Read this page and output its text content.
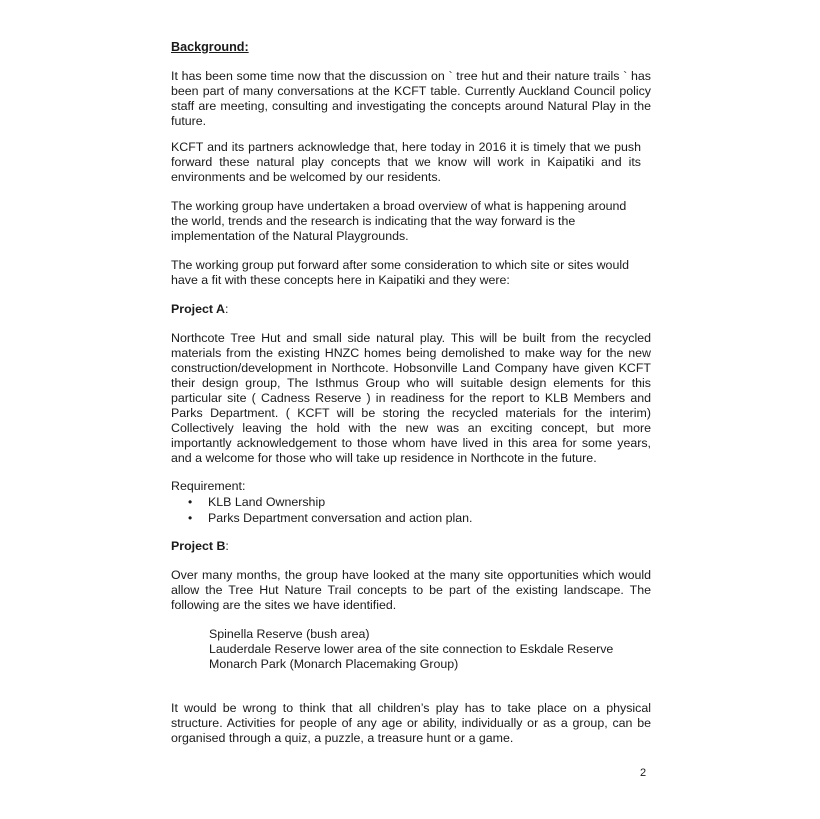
Background:

It has been some time now that the discussion on ` tree hut and their nature trails ` has been part of many conversations at the KCFT table. Currently Auckland Council policy staff are meeting, consulting and investigating the concepts around Natural Play in the future.

KCFT and its partners acknowledge that, here today in 2016 it is timely that we push forward these natural play concepts that we know will work in Kaipatiki and its environments and be welcomed by our residents.

The working group have undertaken a broad overview of what is happening around the world, trends and the research is indicating that the way forward is the implementation of the Natural Playgrounds.

The working group put forward after some consideration to which site or sites would have a fit with these concepts here in Kaipatiki and they were:

Project A:

Northcote Tree Hut and small side natural play. This will be built from the recycled materials from the existing HNZC homes being demolished to make way for the new construction/development in Northcote. Hobsonville Land Company have given KCFT their design group, The Isthmus Group who will suitable design elements for this particular site ( Cadness Reserve ) in readiness for the report to KLB Members and Parks Department. ( KCFT will be storing the recycled materials for the interim) Collectively leaving the hold with the new was an exciting concept, but more importantly acknowledgement to those whom have lived in this area for some years, and a welcome for those who will take up residence in Northcote in the future.

Requirement:

• KLB Land Ownership
• Parks Department conversation and action plan.

Project B:

Over many months, the group have looked at the many site opportunities which would allow the Tree Hut Nature Trail concepts to be part of the existing landscape. The following are the sites we have identified.

Spinella Reserve (bush area)
Lauderdale Reserve lower area of the site connection to Eskdale Reserve
Monarch Park (Monarch Placemaking Group)

It would be wrong to think that all children’s play has to take place on a physical structure. Activities for people of any age or ability, individually or as a group, can be organised through a quiz, a puzzle, a treasure hunt or a game.

2
